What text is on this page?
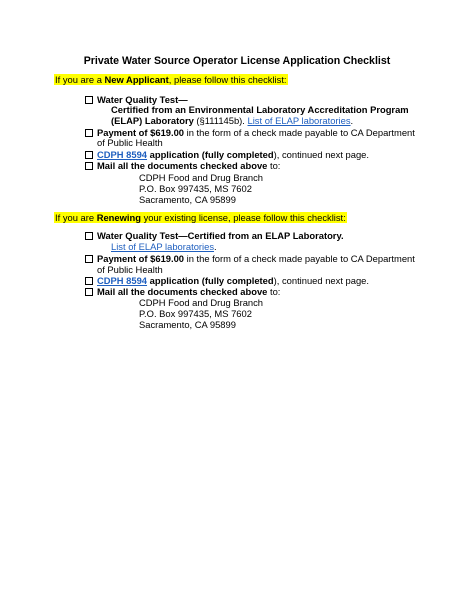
Private Water Source Operator License Application Checklist
If you are a New Applicant, please follow this checklist:
Water Quality Test—
Certified from an Environmental Laboratory Accreditation Program
(ELAP) Laboratory (§111145b). List of ELAP laboratories.
Payment of $619.00 in the form of a check made payable to CA Department
of Public Health
CDPH 8594 application (fully completed), continued next page.
Mail all the documents checked above to:
CDPH Food and Drug Branch
P.O. Box 997435, MS 7602
Sacramento, CA 95899
If you are Renewing your existing license, please follow this checklist:
Water Quality Test—Certified from an ELAP Laboratory.
List of ELAP laboratories.
Payment of $619.00 in the form of a check made payable to CA Department
of Public Health
CDPH 8594 application (fully completed), continued next page.
Mail all the documents checked above to:
CDPH Food and Drug Branch
P.O. Box 997435, MS 7602
Sacramento, CA 95899
